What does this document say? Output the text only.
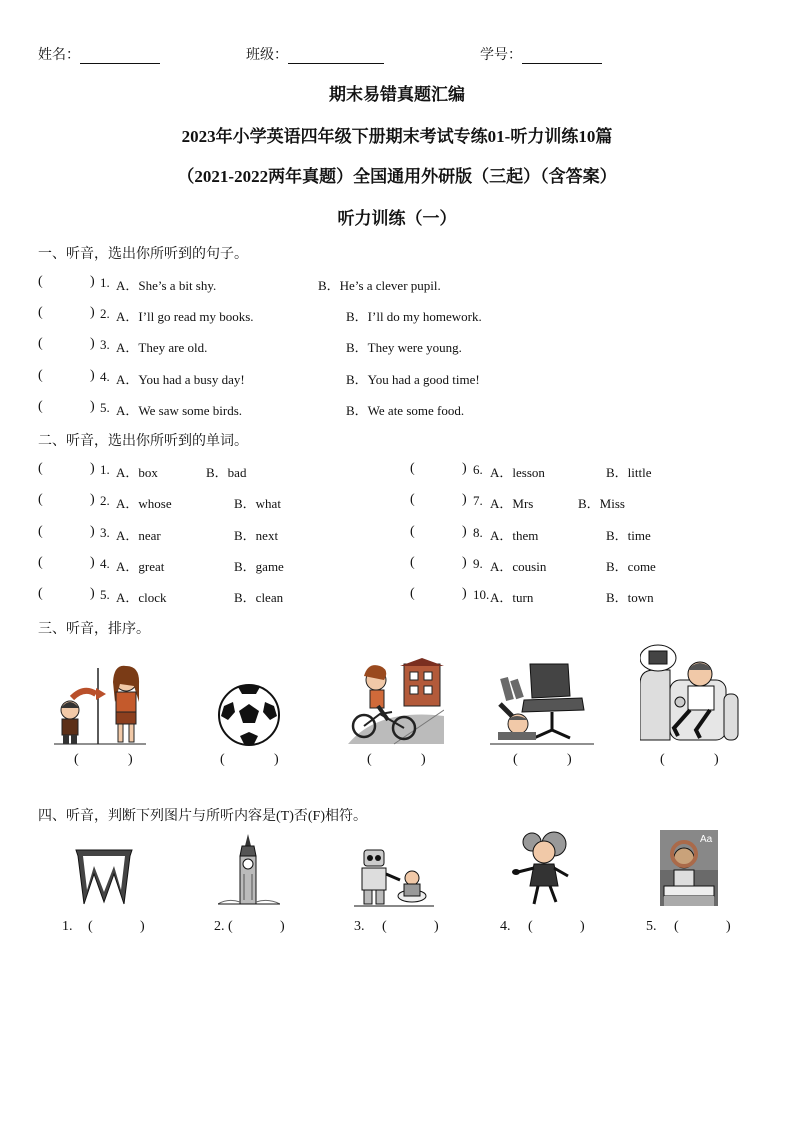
姓名：	班级：	学号：
期末易错真题汇编
2023年小学英语四年级下册期末考试专练01-听力训练10篇
（2021-2022两年真题）全国通用外研版（三起）（含答案）
听力训练（一）
一、听音，选出你所听到的句子。
(	) 1. A．She’s a bit shy.	B．He’s a clever pupil.
(	) 2. A．I’ll go read my books.	B．I’ll do my homework.
(	) 3. A．They are old.	B．They were young.
(	) 4. A．You had a busy day!	B．You had a good time!
(	) 5. A．We saw some birds.	B．We ate some food.
二、听音，选出你所听到的单词。
(	) 1. A．box	B．bad
(	) 2. A．whose	B．what
(	) 3. A．near	B．next
(	) 4. A．great	B．game
(	) 5. A．clock	B．clean
(	) 6. A．lesson	B．little
(	) 7. A．Mrs	B．Miss
(	) 8. A．them	B．time
(	) 9. A．cousin	B．come
(	) 10. A．turn	B．town
三、听音，排序。
(	)	(	)	(	)	(	)	(	)
四、听音，判断下列图片与所听内容是(T)否(F)相符。
Aa
1. (	)	2. (	)	3. (	)	4. (	)	5. (	)
